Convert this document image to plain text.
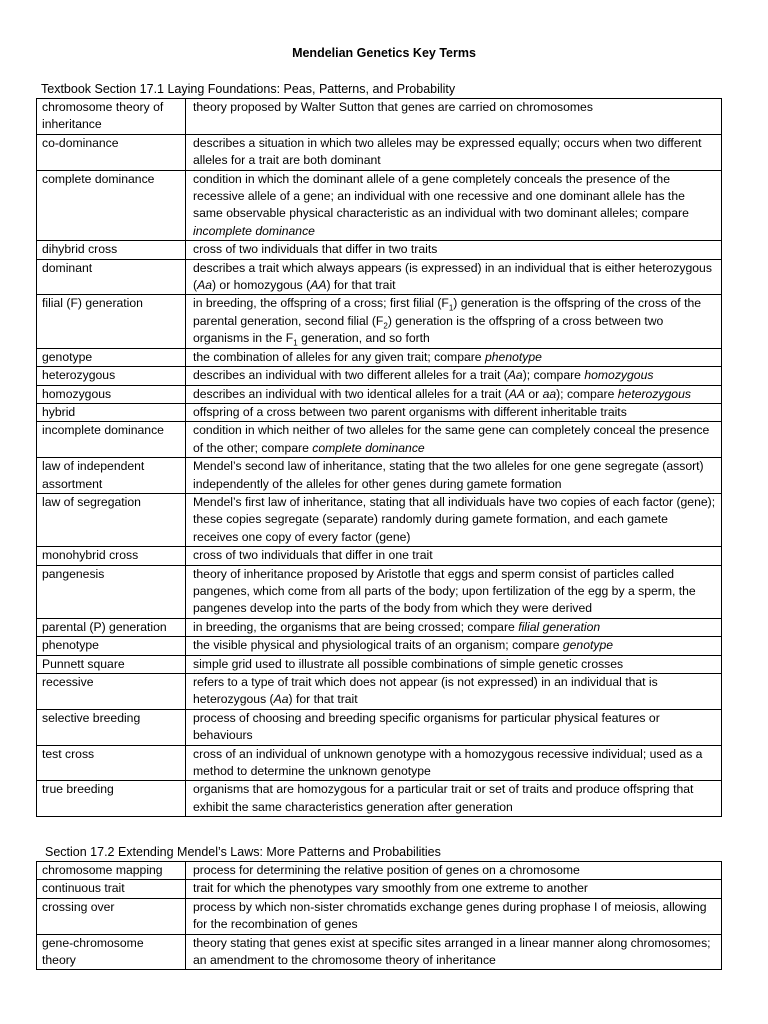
Mendelian Genetics Key Terms
Textbook Section 17.1 Laying Foundations: Peas, Patterns, and Probability
chromosome theory of inheritance	theory proposed by Walter Sutton that genes are carried on chromosomes
co-dominance	describes a situation in which two alleles may be expressed equally; occurs when two different alleles for a trait are both dominant
complete dominance	condition in which the dominant allele of a gene completely conceals the presence of the recessive allele of a gene; an individual with one recessive and one dominant allele has the same observable physical characteristic as an individual with two dominant alleles; compare incomplete dominance
dihybrid cross	cross of two individuals that differ in two traits
dominant	describes a trait which always appears (is expressed) in an individual that is either heterozygous (Aa) or homozygous (AA) for that trait
filial (F) generation	in breeding, the offspring of a cross; first filial $(F_1)$ generation is the offspring of the cross of the parental generation, second filial $(F_2)$ generation is the offspring of a cross between two organisms in the $F_1$ generation, and so forth
genotype	the combination of alleles for any given trait; compare phenotype
heterozygous	describes an individual with two different alleles for a trait (Aa); compare homozygous
homozygous	describes an individual with two identical alleles for a trait (AA or aa); compare heterozygous
hybrid	offspring of a cross between two parent organisms with different inheritable traits
incomplete dominance	condition in which neither of two alleles for the same gene can completely conceal the presence of the other; compare complete dominance
law of independent assortment	Mendel’s second law of inheritance, stating that the two alleles for one gene segregate (assort) independently of the alleles for other genes during gamete formation
law of segregation	Mendel’s first law of inheritance, stating that all individuals have two copies of each factor (gene); these copies segregate (separate) randomly during gamete formation, and each gamete receives one copy of every factor (gene)
monohybrid cross	cross of two individuals that differ in one trait
pangenesis	theory of inheritance proposed by Aristotle that eggs and sperm consist of particles called pangenes, which come from all parts of the body; upon fertilization of the egg by a sperm, the pangenes develop into the parts of the body from which they were derived
parental (P) generation	in breeding, the organisms that are being crossed; compare filial generation
phenotype	the visible physical and physiological traits of an organism; compare genotype
Punnett square	simple grid used to illustrate all possible combinations of simple genetic crosses
recessive	refers to a type of trait which does not appear (is not expressed) in an individual that is heterozygous (Aa) for that trait
selective breeding	process of choosing and breeding specific organisms for particular physical features or behaviours
test cross	cross of an individual of unknown genotype with a homozygous recessive individual; used as a method to determine the unknown genotype
true breeding	organisms that are homozygous for a particular trait or set of traits and produce offspring that exhibit the same characteristics generation after generation
Section 17.2 Extending Mendel’s Laws: More Patterns and Probabilities
chromosome mapping	process for determining the relative position of genes on a chromosome
continuous trait	trait for which the phenotypes vary smoothly from one extreme to another
crossing over	process by which non-sister chromatids exchange genes during prophase I of meiosis, allowing for the recombination of genes
gene-chromosome theory	theory stating that genes exist at specific sites arranged in a linear manner along chromosomes; an amendment to the chromosome theory of inheritance
